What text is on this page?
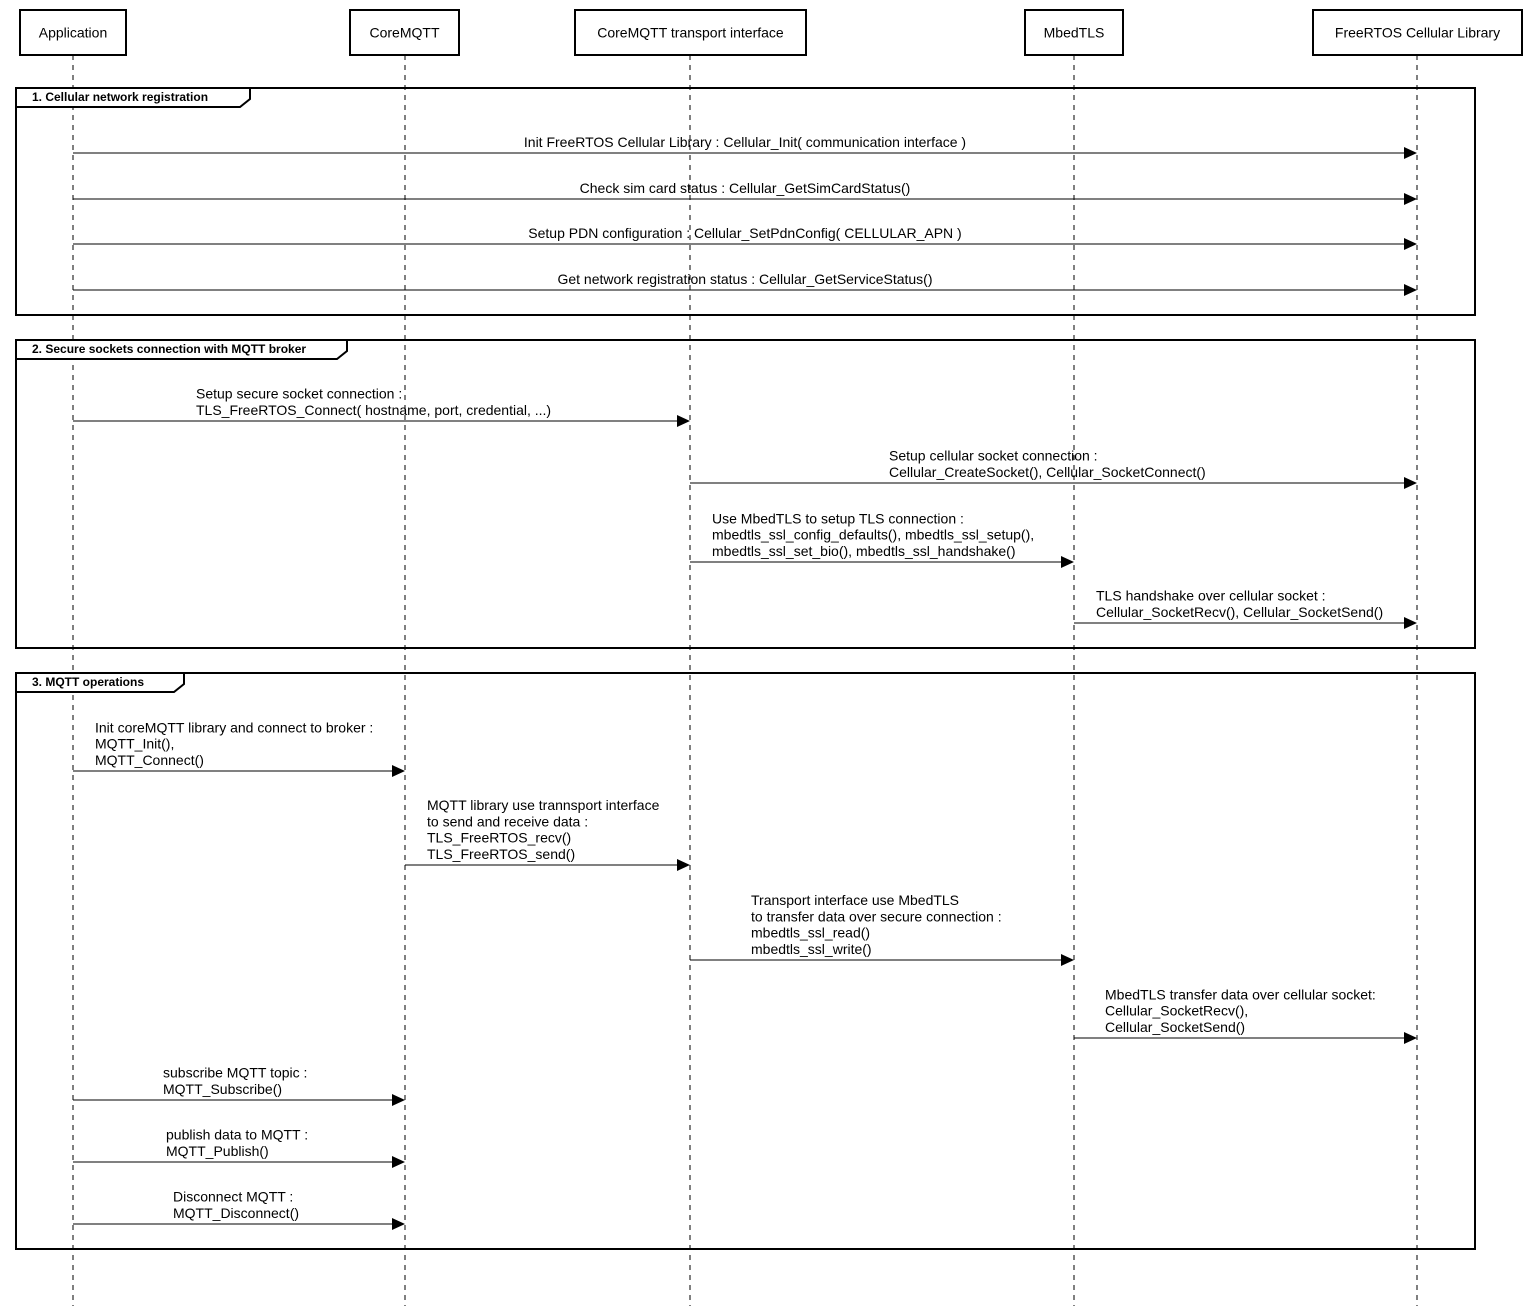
1. Cellular network registration
Init FreeRTOS Cellular Library : Cellular_Init( communication interface )
Check sim card status : Cellular_GetSimCardStatus()
Setup PDN configuration : Cellular_SetPdnConfig( CELLULAR_APN )
Get network registration status : Cellular_GetServiceStatus()
2. Secure sockets connection with MQTT broker
Setup secure socket connection :
TLS_FreeRTOS_Connect( hostname, port, credential, ...)
Setup cellular socket connection :
Cellular_CreateSocket(), Cellular_SocketConnect()
Use MbedTLS to setup TLS connection :
mbedtls_ssl_config_defaults(), mbedtls_ssl_setup(),
mbedtls_ssl_set_bio(), mbedtls_ssl_handshake()
TLS handshake over cellular socket :
Cellular_SocketRecv(), Cellular_SocketSend()
3. MQTT operations
Init coreMQTT library and connect to broker :
MQTT_Init(),
MQTT_Connect()
MQTT library use trannsport interface
to send and receive data :
TLS_FreeRTOS_recv()
TLS_FreeRTOS_send()
Transport interface use MbedTLS
to transfer data over secure connection :
mbedtls_ssl_read()
mbedtls_ssl_write()
MbedTLS transfer data over cellular socket:
Cellular_SocketRecv(),
Cellular_SocketSend()
subscribe MQTT topic :
MQTT_Subscribe()
publish data to MQTT :
MQTT_Publish()
Disconnect MQTT :
MQTT_Disconnect()
Application	CoreMQTT	CoreMQTT transport interface	MbedTLS	FreeRTOS Cellular Library
